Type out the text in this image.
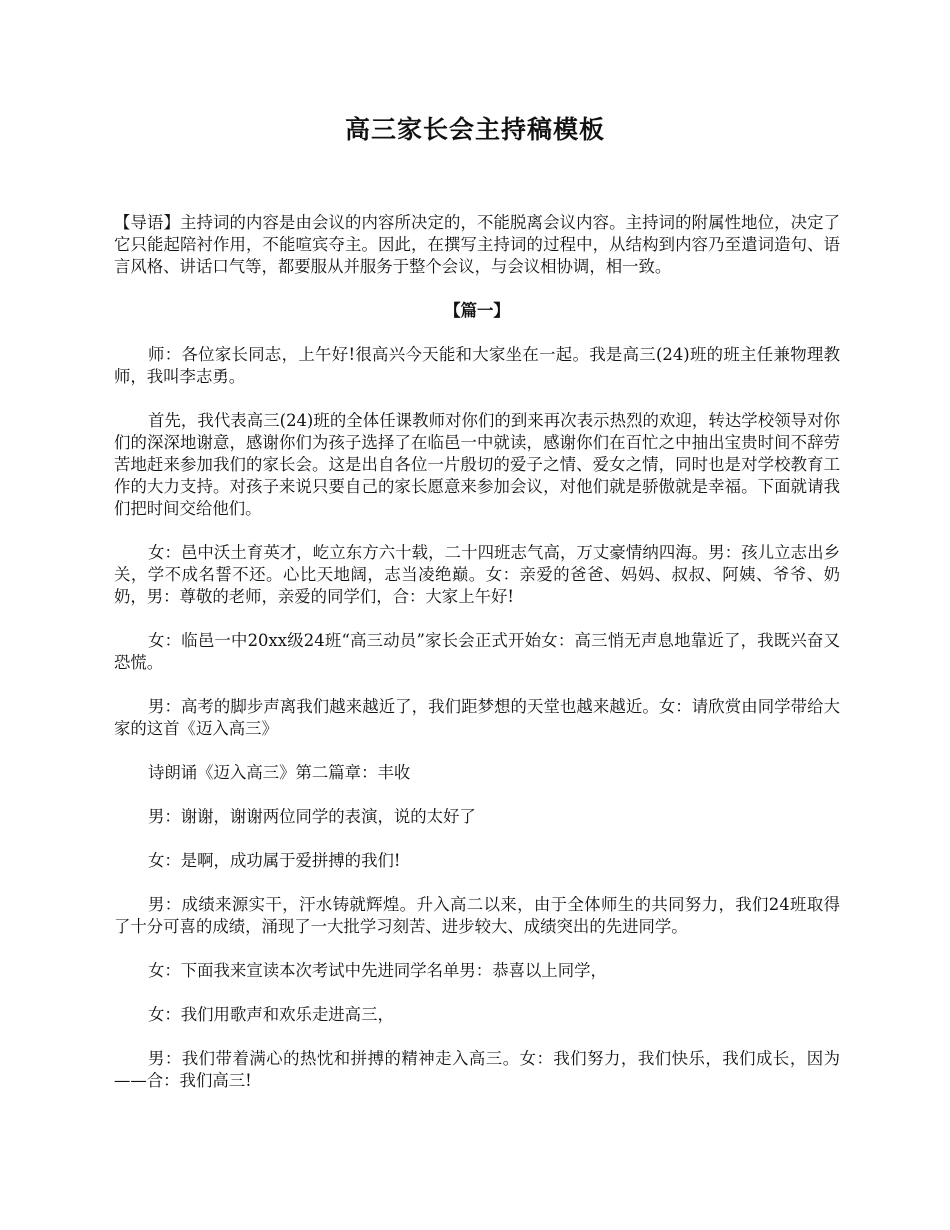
高三家长会主持稿模板

【导语】主持词的内容是由会议的内容所决定的，不能脱离会议内容。主持词的附属性地位，决定了它只能起陪衬作用，不能喧宾夺主。因此，在撰写主持词的过程中，从结构到内容乃至遣词造句、语言风格、讲话口气等，都要服从并服务于整个会议，与会议相协调，相一致。

【篇一】

师：各位家长同志，上午好!很高兴今天能和大家坐在一起。我是高三(24)班的班主任兼物理教师，我叫李志勇。

首先，我代表高三(24)班的全体任课教师对你们的到来再次表示热烈的欢迎，转达学校领导对你们的深深地谢意，感谢你们为孩子选择了在临邑一中就读，感谢你们在百忙之中抽出宝贵时间不辞劳苦地赶来参加我们的家长会。这是出自各位一片殷切的爱子之情、爱女之情，同时也是对学校教育工作的大力支持。对孩子来说只要自己的家长愿意来参加会议，对他们就是骄傲就是幸福。下面就请我们把时间交给他们。

女：邑中沃土育英才，屹立东方六十载，二十四班志气高，万丈豪情纳四海。男：孩儿立志出乡关，学不成名誓不还。心比天地阔，志当凌绝巅。女：亲爱的爸爸、妈妈、叔叔、阿姨、爷爷、奶奶，男：尊敬的老师，亲爱的同学们，合：大家上午好!

女：临邑一中20xx级24班“高三动员”家长会正式开始女：高三悄无声息地靠近了，我既兴奋又恐慌。

男：高考的脚步声离我们越来越近了，我们距梦想的天堂也越来越近。女：请欣赏由同学带给大家的这首《迈入高三》

诗朗诵《迈入高三》第二篇章：丰收

男：谢谢，谢谢两位同学的表演，说的太好了

女：是啊，成功属于爱拼搏的我们!

男：成绩来源实干，汗水铸就辉煌。升入高二以来，由于全体师生的共同努力，我们24班取得了十分可喜的成绩，涌现了一大批学习刻苦、进步较大、成绩突出的先进同学。

女：下面我来宣读本次考试中先进同学名单男：恭喜以上同学，

女：我们用歌声和欢乐走进高三，

男：我们带着满心的热忱和拼搏的精神走入高三。女：我们努力，我们快乐，我们成长，因为——合：我们高三!
